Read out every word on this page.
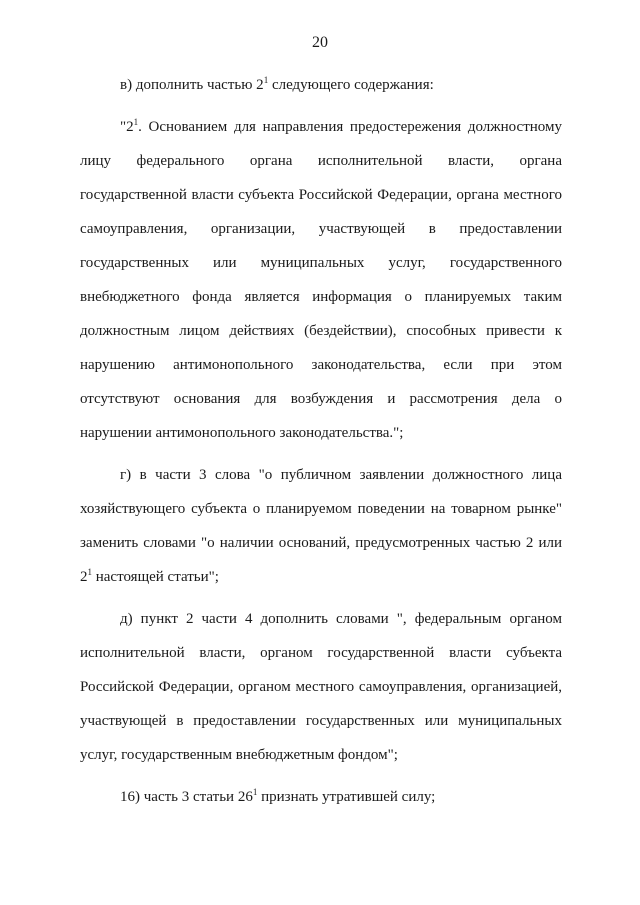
20

в) дополнить частью $2^1$ следующего содержания:

"$2^1$. Основанием для направления предостережения должностному лицу федерального органа исполнительной власти, органа государственной власти субъекта Российской Федерации, органа местного самоуправления, организации, участвующей в предоставлении государственных или муниципальных услуг, государственного внебюджетного фонда является информация о планируемых таким должностным лицом действиях (бездействии), способных привести к нарушению антимонопольного законодательства, если при этом отсутствуют основания для возбуждения и рассмотрения дела о нарушении антимонопольного законодательства.";

г) в части 3 слова "о публичном заявлении должностного лица хозяйствующего субъекта о планируемом поведении на товарном рынке" заменить словами "о наличии оснований, предусмотренных частью 2 или $2^1$ настоящей статьи";

д) пункт 2 части 4 дополнить словами ", федеральным органом исполнительной власти, органом государственной власти субъекта Российской Федерации, органом местного самоуправления, организацией, участвующей в предоставлении государственных или муниципальных услуг, государственным внебюджетным фондом";

16) часть 3 статьи $26^1$ признать утратившей силу;
